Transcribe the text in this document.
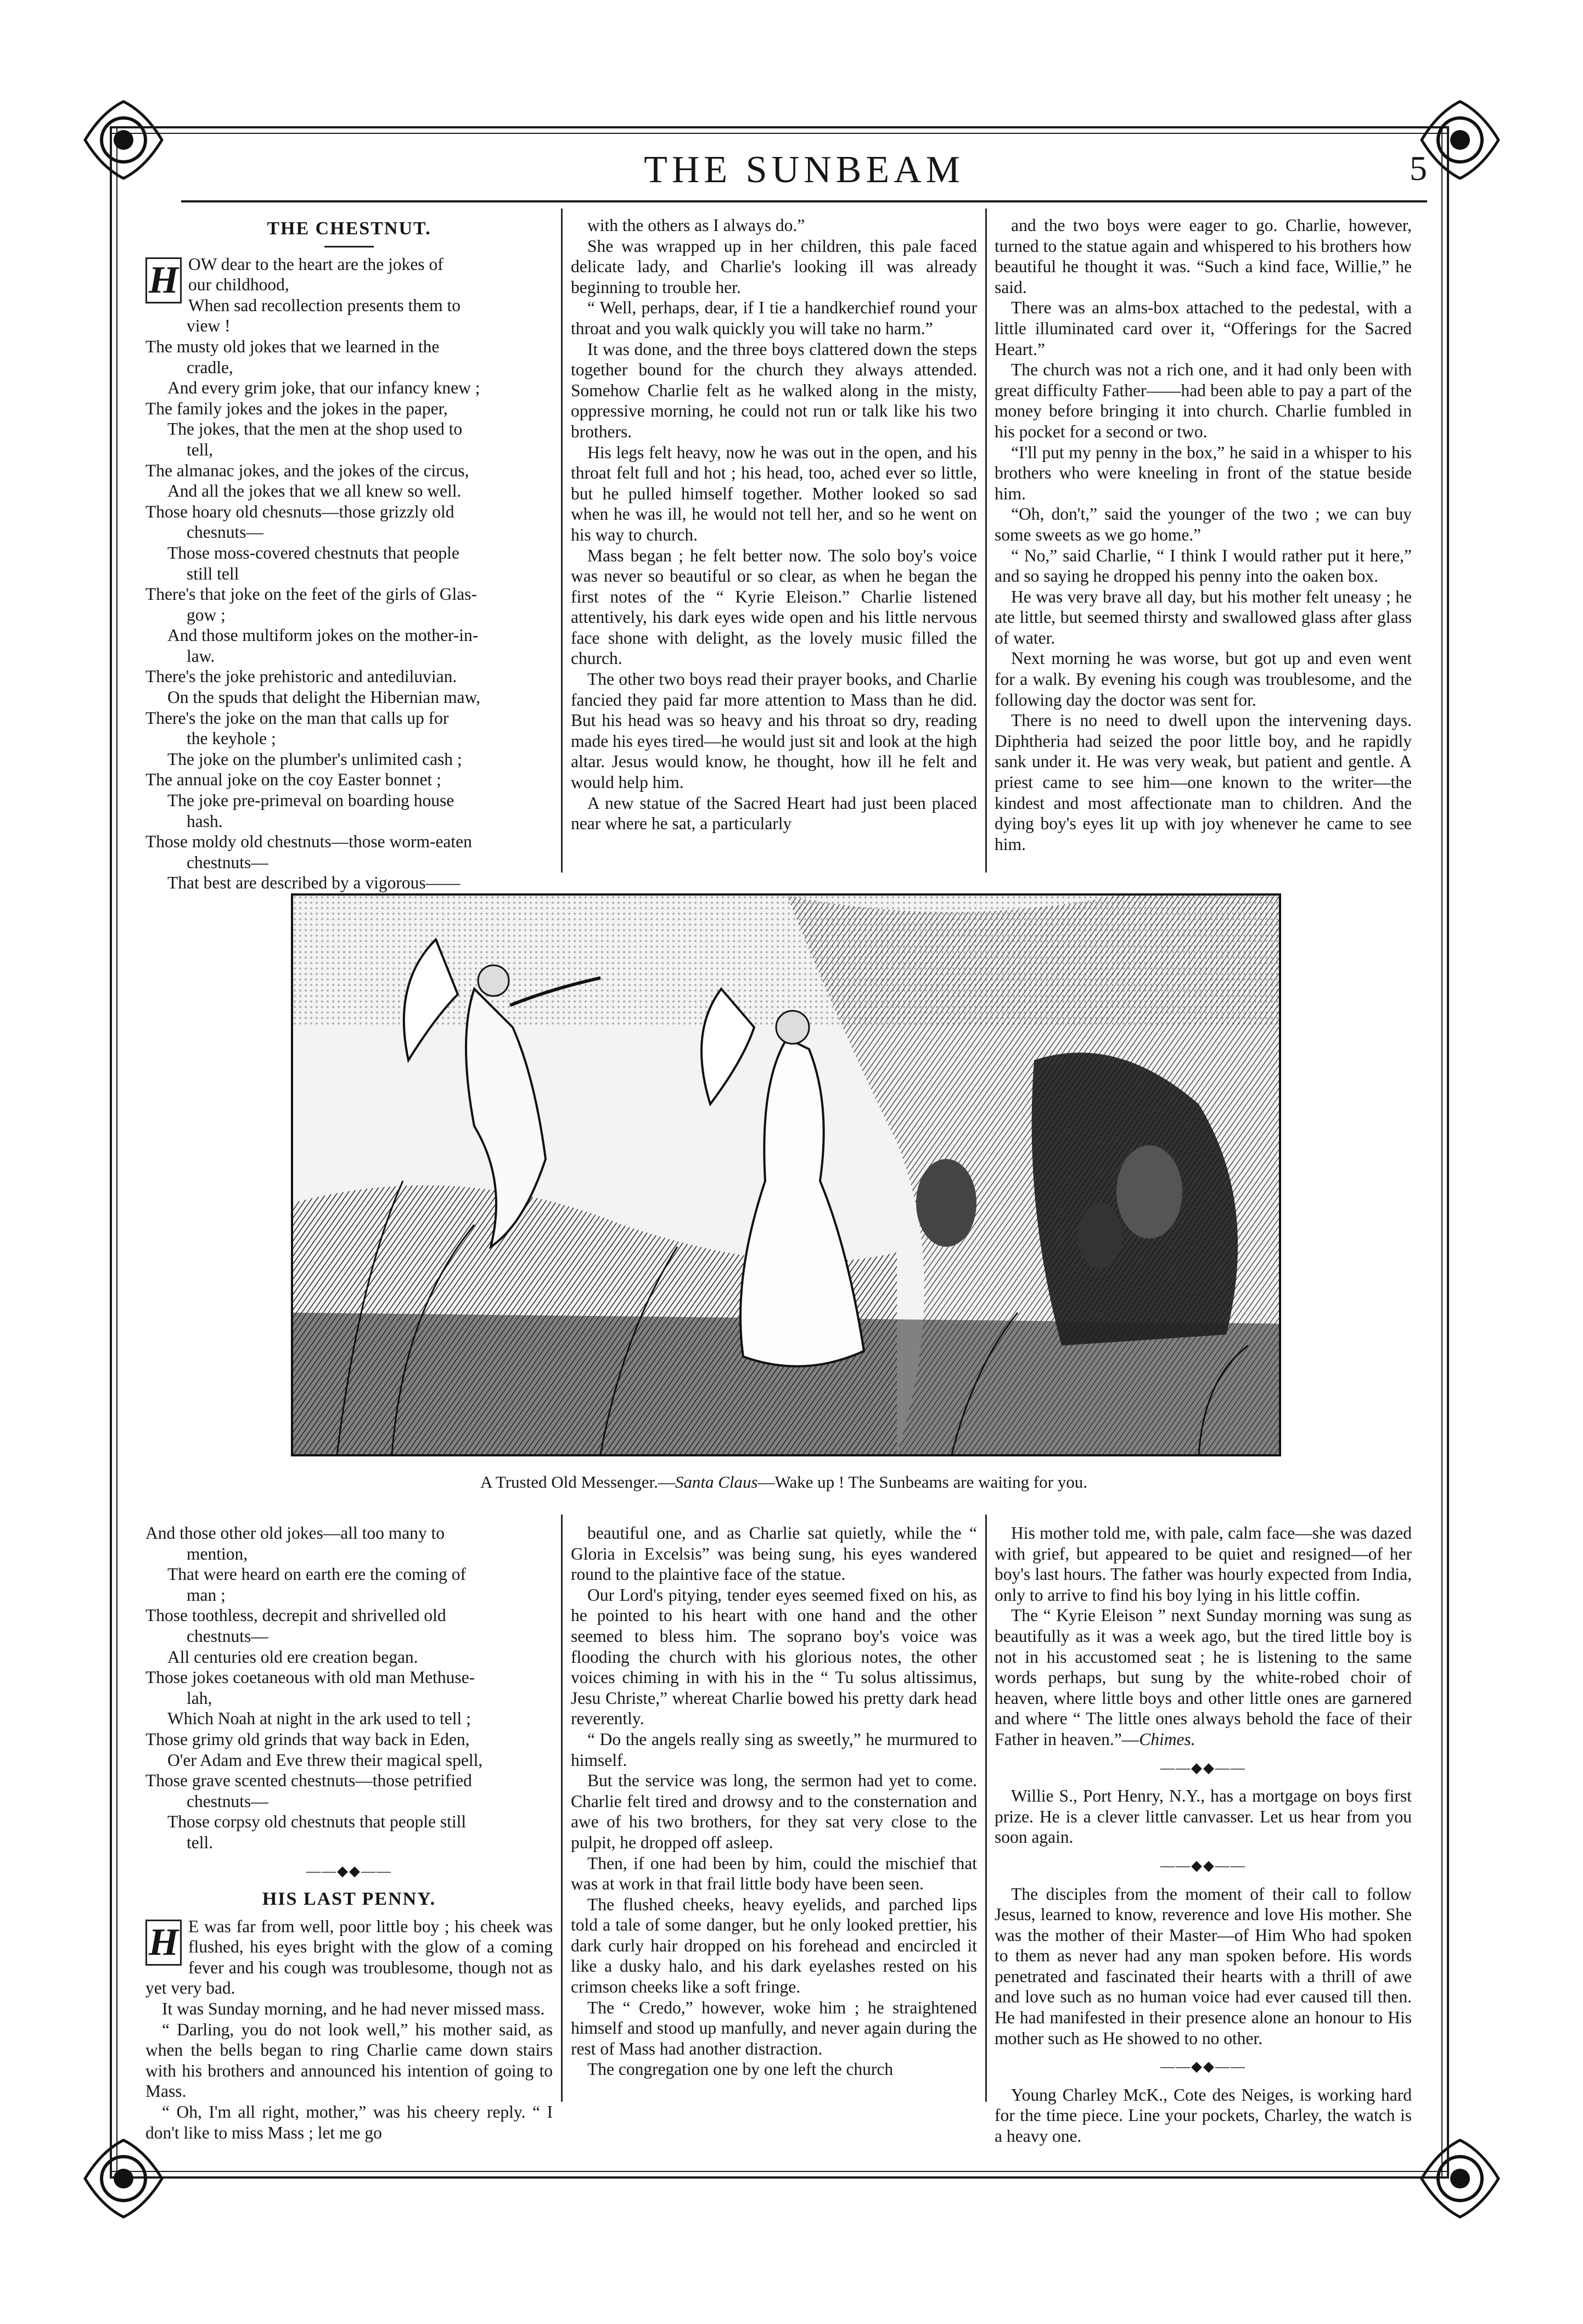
THE SUNBEAM	5
THE CHESTNUT.
H OW dear to the heart are the jokes of
our childhood,
When sad recollection presents them to
view !
The musty old jokes that we learned in the
cradle,
And every grim joke, that our infancy knew ;
The family jokes and the jokes in the paper,
The jokes, that the men at the shop used to
tell,
The almanac jokes, and the jokes of the circus,
And all the jokes that we all knew so well.
Those hoary old chesnuts—those grizzly old
chesnuts—
Those moss-covered chestnuts that people
still tell
There's that joke on the feet of the girls of Glas-
gow ;
And those multiform jokes on the mother-in-
law.
There's the joke prehistoric and antediluvian.
On the spuds that delight the Hibernian maw,
There's the joke on the man that calls up for
the keyhole ;
The joke on the plumber's unlimited cash ;
The annual joke on the coy Easter bonnet ;
The joke pre-primeval on boarding house
hash.
Those moldy old chestnuts—those worm-eaten
chestnuts—
That best are described by a vigorous——

with the others as I always do.”

She was wrapped up in her children, this pale faced delicate lady, and Charlie's looking ill was already beginning to trouble her.

“ Well, perhaps, dear, if I tie a handkerchief round your throat and you walk quickly you will take no harm.”

It was done, and the three boys clattered down the steps together bound for the church they always attended. Somehow Charlie felt as he walked along in the misty, oppressive morning, he could not run or talk like his two brothers.

His legs felt heavy, now he was out in the open, and his throat felt full and hot ; his head, too, ached ever so little, but he pulled himself together. Mother looked so sad when he was ill, he would not tell her, and so he went on his way to church.

Mass began ; he felt better now. The solo boy's voice was never so beautiful or so clear, as when he began the first notes of the “ Kyrie Eleison.” Charlie listened attentively, his dark eyes wide open and his little nervous face shone with delight, as the lovely music filled the church.

The other two boys read their prayer books, and Charlie fancied they paid far more attention to Mass than he did. But his head was so heavy and his throat so dry, reading made his eyes tired—he would just sit and look at the high altar. Jesus would know, he thought, how ill he felt and would help him.

A new statue of the Sacred Heart had just been placed near where he sat, a particularly

and the two boys were eager to go. Charlie, however, turned to the statue again and whispered to his brothers how beautiful he thought it was. “Such a kind face, Willie,” he said.

There was an alms-box attached to the pedestal, with a little illuminated card over it, “Offerings for the Sacred Heart.”

The church was not a rich one, and it had only been with great difficulty Father——had been able to pay a part of the money before bringing it into church. Charlie fumbled in his pocket for a second or two.

“I'll put my penny in the box,” he said in a whisper to his brothers who were kneeling in front of the statue beside him.

“Oh, don't,” said the younger of the two ; we can buy some sweets as we go home.”

“ No,” said Charlie, “ I think I would rather put it here,” and so saying he dropped his penny into the oaken box.

He was very brave all day, but his mother felt uneasy ; he ate little, but seemed thirsty and swallowed glass after glass of water.

Next morning he was worse, but got up and even went for a walk. By evening his cough was troublesome, and the following day the doctor was sent for.

There is no need to dwell upon the intervening days. Diphtheria had seized the poor little boy, and he rapidly sank under it. He was very weak, but patient and gentle. A priest came to see him—one known to the writer—the kindest and most affectionate man to children. And the dying boy's eyes lit up with joy whenever he came to see him.

A Trusted Old Messenger.—Santa Claus—Wake up ! The Sunbeams are waiting for you.
And those other old jokes—all too many to
mention,
That were heard on earth ere the coming of
man ;
Those toothless, decrepit and shrivelled old
chestnuts—
All centuries old ere creation began.
Those jokes coetaneous with old man Methuse-
lah,
Which Noah at night in the ark used to tell ;
Those grimy old grinds that way back in Eden,
O'er Adam and Eve threw their magical spell,
Those grave scented chestnuts—those petrified
chestnuts—
Those corpsy old chestnuts that people still
tell.
——◆◆——
HIS LAST PENNY.
H E was far from well, poor little boy ; his cheek was flushed, his eyes bright with the glow of a coming fever and his cough was troublesome, though not as yet very bad.

It was Sunday morning, and he had never missed mass.

“ Darling, you do not look well,” his mother said, as when the bells began to ring Charlie came down stairs with his brothers and announced his intention of going to Mass.

“ Oh, I'm all right, mother,” was his cheery reply. “ I don't like to miss Mass ; let me go

beautiful one, and as Charlie sat quietly, while the “ Gloria in Excelsis” was being sung, his eyes wandered round to the plaintive face of the statue.

Our Lord's pitying, tender eyes seemed fixed on his, as he pointed to his heart with one hand and the other seemed to bless him. The soprano boy's voice was flooding the church with his glorious notes, the other voices chiming in with his in the “ Tu solus altissimus, Jesu Christe,” whereat Charlie bowed his pretty dark head reverently.

“ Do the angels really sing as sweetly,” he murmured to himself.

But the service was long, the sermon had yet to come. Charlie felt tired and drowsy and to the consternation and awe of his two brothers, for they sat very close to the pulpit, he dropped off asleep.

Then, if one had been by him, could the mischief that was at work in that frail little body have been seen.

The flushed cheeks, heavy eyelids, and parched lips told a tale of some danger, but he only looked prettier, his dark curly hair dropped on his forehead and encircled it like a dusky halo, and his dark eyelashes rested on his crimson cheeks like a soft fringe.

The “ Credo,” however, woke him ; he straightened himself and stood up manfully, and never again during the rest of Mass had another distraction.

The congregation one by one left the church

His mother told me, with pale, calm face—she was dazed with grief, but appeared to be quiet and resigned—of her boy's last hours. The father was hourly expected from India, only to arrive to find his boy lying in his little coffin.

The “ Kyrie Eleison ” next Sunday morning was sung as beautifully as it was a week ago, but the tired little boy is not in his accustomed seat ; he is listening to the same words perhaps, but sung by the white-robed choir of heaven, where little boys and other little ones are garnered and where “ The little ones always behold the face of their Father in heaven.”—Chimes.

——◆◆——

Willie S., Port Henry, N.Y., has a mortgage on boys first prize. He is a clever little canvasser. Let us hear from you soon again.

——◆◆——

The disciples from the moment of their call to follow Jesus, learned to know, reverence and love His mother. She was the mother of their Master—of Him Who had spoken to them as never had any man spoken before. His words penetrated and fascinated their hearts with a thrill of awe and love such as no human voice had ever caused till then. He had manifested in their presence alone an honour to His mother such as He showed to no other.

——◆◆——

Young Charley McK., Cote des Neiges, is working hard for the time piece. Line your pockets, Charley, the watch is a heavy one.
